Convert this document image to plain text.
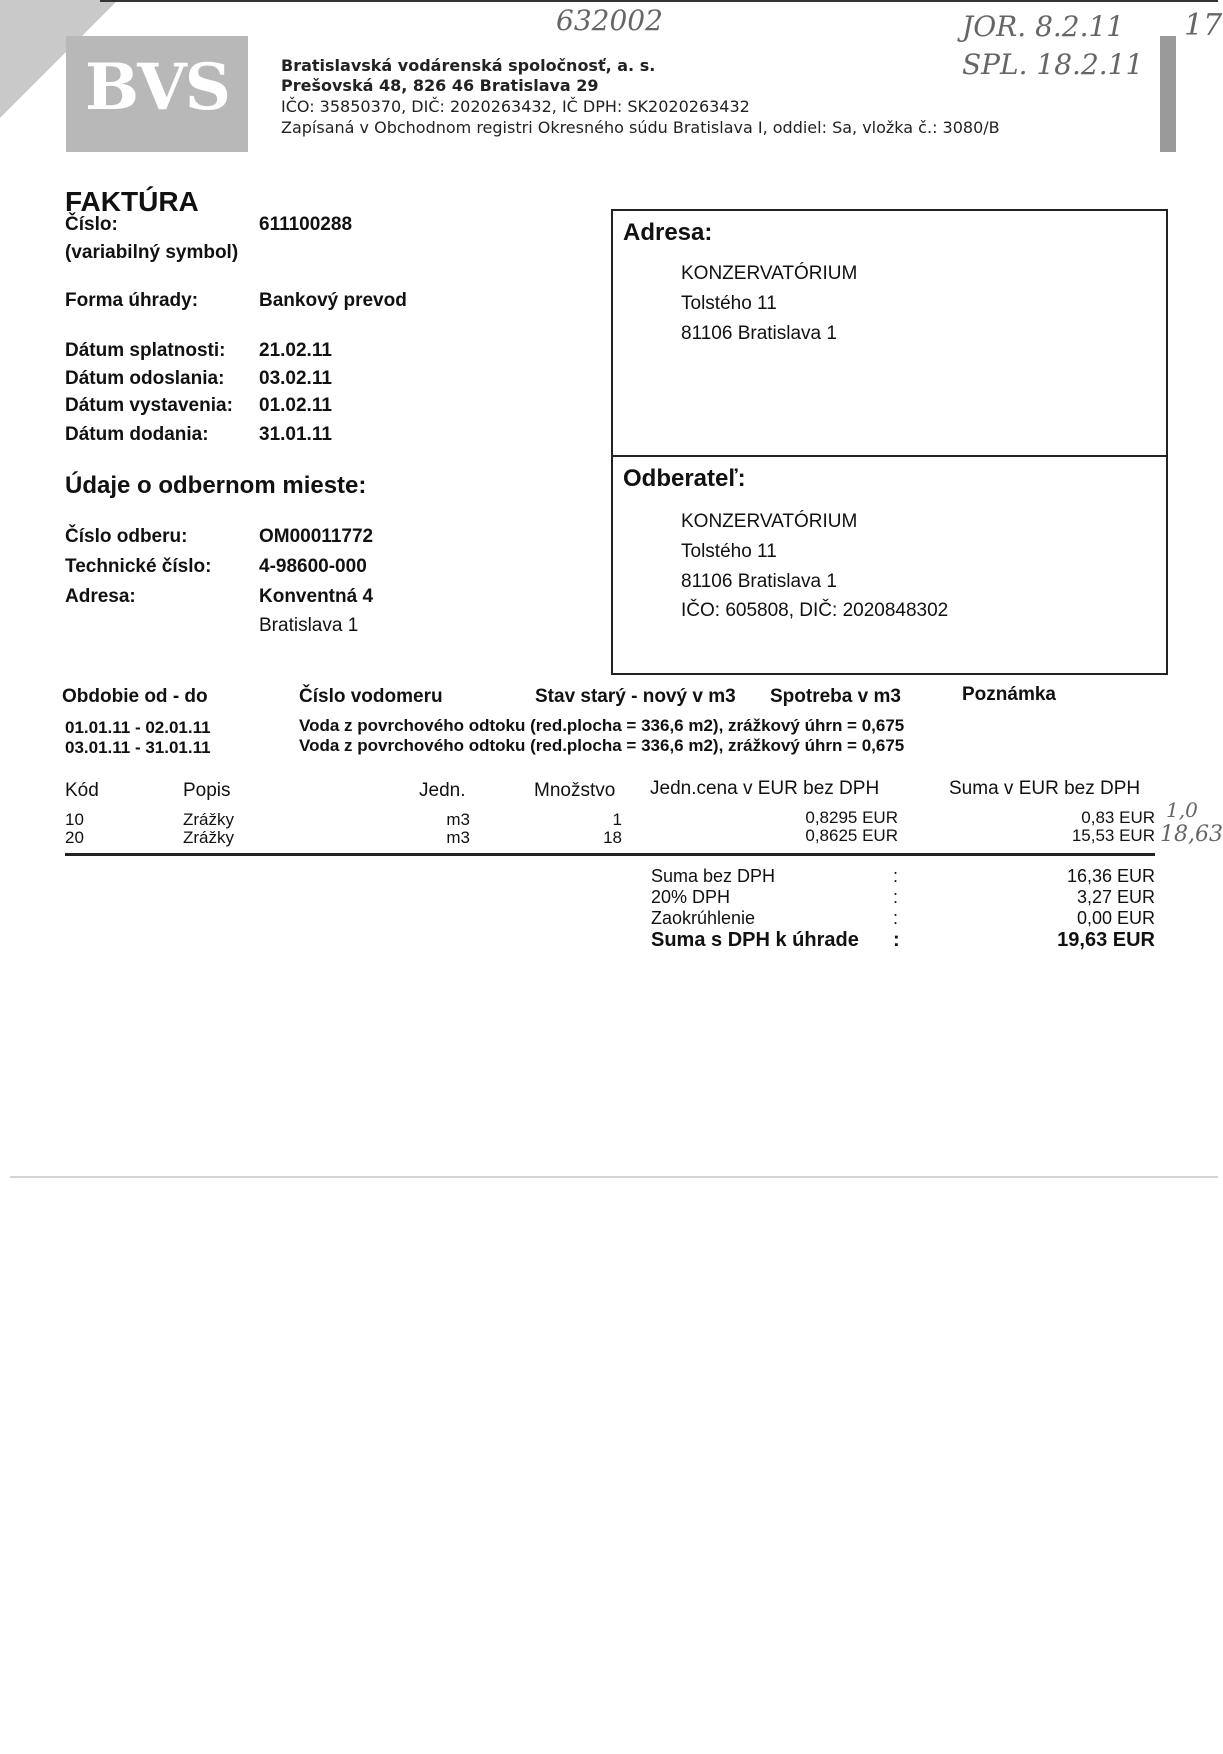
BVS	Bratislavská vodárenská spoločnosť, a. s.
Prešovská 48, 826 46 Bratislava 29
IČO: 35850370, DIČ: 2020263432, IČ DPH: SK2020263432
Zapísaná v Obchodnom registri Okresného súdu Bratislava I, oddiel: Sa, vložka č.: 3080/B
632002	JOR. 8.2.11
SPL. 18.2.11
17
1,0
18,63
FAKTÚRA
Číslo:	611100288
(variabilný symbol)
Forma úhrady:	Bankový prevod
Dátum splatnosti: 21.02.11
Dátum odoslania: 03.02.11
Dátum vystavenia: 01.02.11
Dátum dodania:	31.01.11
Údaje o odbernom mieste:
Číslo odberu:	OM00011772
Technické číslo:	4-98600-000
Adresa:	Konventná 4
Bratislava 1
Adresa:
KONZERVATÓRIUM
Tolstého 11
81106 Bratislava 1
Odberateľ:
KONZERVATÓRIUM
Tolstého 11
81106 Bratislava 1
IČO: 605808, DIČ: 2020848302
Obdobie od - do	Číslo vodomeru	Stav starý - nový v m3 Spotreba v m3	Poznámka
01.01.11 - 02.01.11	Voda z povrchového odtoku (red.plocha = 336,6 m2), zrážkový úhrn = 0,675
03.01.11 - 31.01.11	Voda z povrchového odtoku (red.plocha = 336,6 m2), zrážkový úhrn = 0,675
Kód	Popis	Jedn.	Množstvo Jedn.cena v EUR bez DPH	Suma v EUR bez DPH
10	Zrážky	m3	1	0,8295 EUR	0,83 EUR
20	Zrážky	m3	18	0,8625 EUR	15,53 EUR
Suma bez DPH	:	16,36 EUR
20% DPH	:	3,27 EUR
Zaokrúhlenie	:	0,00 EUR
Suma s DPH k úhrade :	19,63 EUR
